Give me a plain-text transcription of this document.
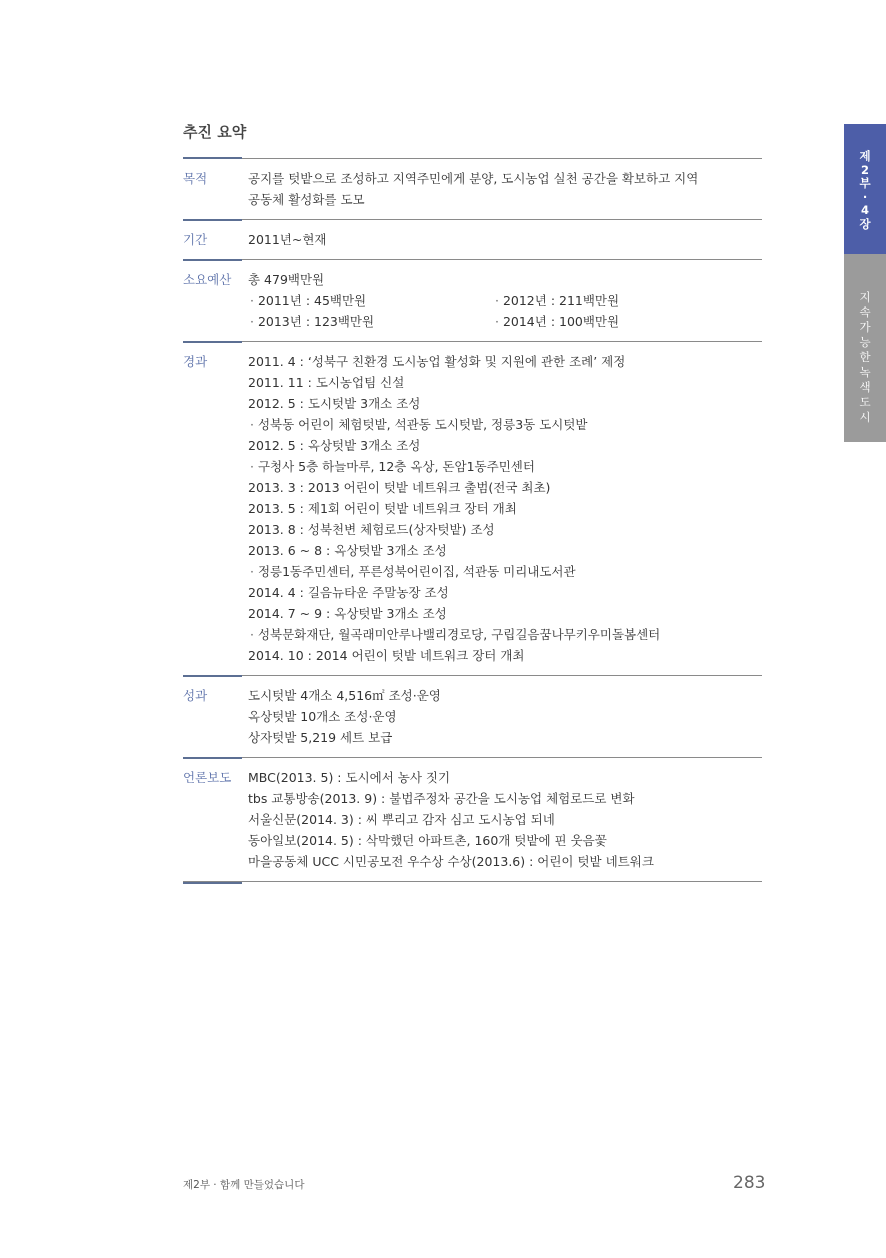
추진 요약
목적	공지를 텃밭으로 조성하고 지역주민에게 분양, 도시농업 실천 공간을 확보하고 지역
공동체 활성화를 도모
기간	2011년~현재
소요예산	총 479백만원
· 2011년 : 45백만원	· 2012년 : 211백만원
· 2013년 : 123백만원	· 2014년 : 100백만원
경과	2011. 4 : ‘성북구 친환경 도시농업 활성화 및 지원에 관한 조례’ 제정
2011. 11 : 도시농업팀 신설
2012. 5 : 도시텃밭 3개소 조성
· 성북동 어린이 체험텃밭, 석관동 도시텃밭, 정릉3동 도시텃밭
2012. 5 : 옥상텃밭 3개소 조성
· 구청사 5층 하늘마루, 12층 옥상, 돈암1동주민센터
2013. 3 : 2013 어린이 텃밭 네트워크 출범(전국 최초)
2013. 5 : 제1회 어린이 텃밭 네트워크 장터 개최
2013. 8 : 성북천변 체험로드(상자텃밭) 조성
2013. 6 ~ 8 : 옥상텃밭 3개소 조성
· 정릉1동주민센터, 푸른성북어린이집, 석관동 미리내도서관
2014. 4 : 길음뉴타운 주말농장 조성
2014. 7 ~ 9 : 옥상텃밭 3개소 조성
· 성북문화재단, 월곡래미안루나밸리경로당, 구립길음꿈나무키우미돌봄센터
2014. 10 : 2014 어린이 텃밭 네트워크 장터 개최
성과	도시텃밭 4개소 4,516㎡ 조성·운영
옥상텃밭 10개소 조성·운영
상자텃밭 5,219 세트 보급
언론보도	MBC(2013. 5) : 도시에서 농사 짓기
tbs 교통방송(2013. 9) : 불법주정차 공간을 도시농업 체험로드로 변화
서울신문(2014. 3) : 씨 뿌리고 감자 심고 도시농업 되네
동아일보(2014. 5) : 삭막했던 아파트촌, 160개 텃밭에 핀 웃음꽃
마을공동체 UCC 시민공모전 우수상 수상(2013.6) : 어린이 텃밭 네트워크
제
2
부
·
4
장
지
속
가
능
한
녹
색
도
시
제2부 · 함께 만들었습니다	283
